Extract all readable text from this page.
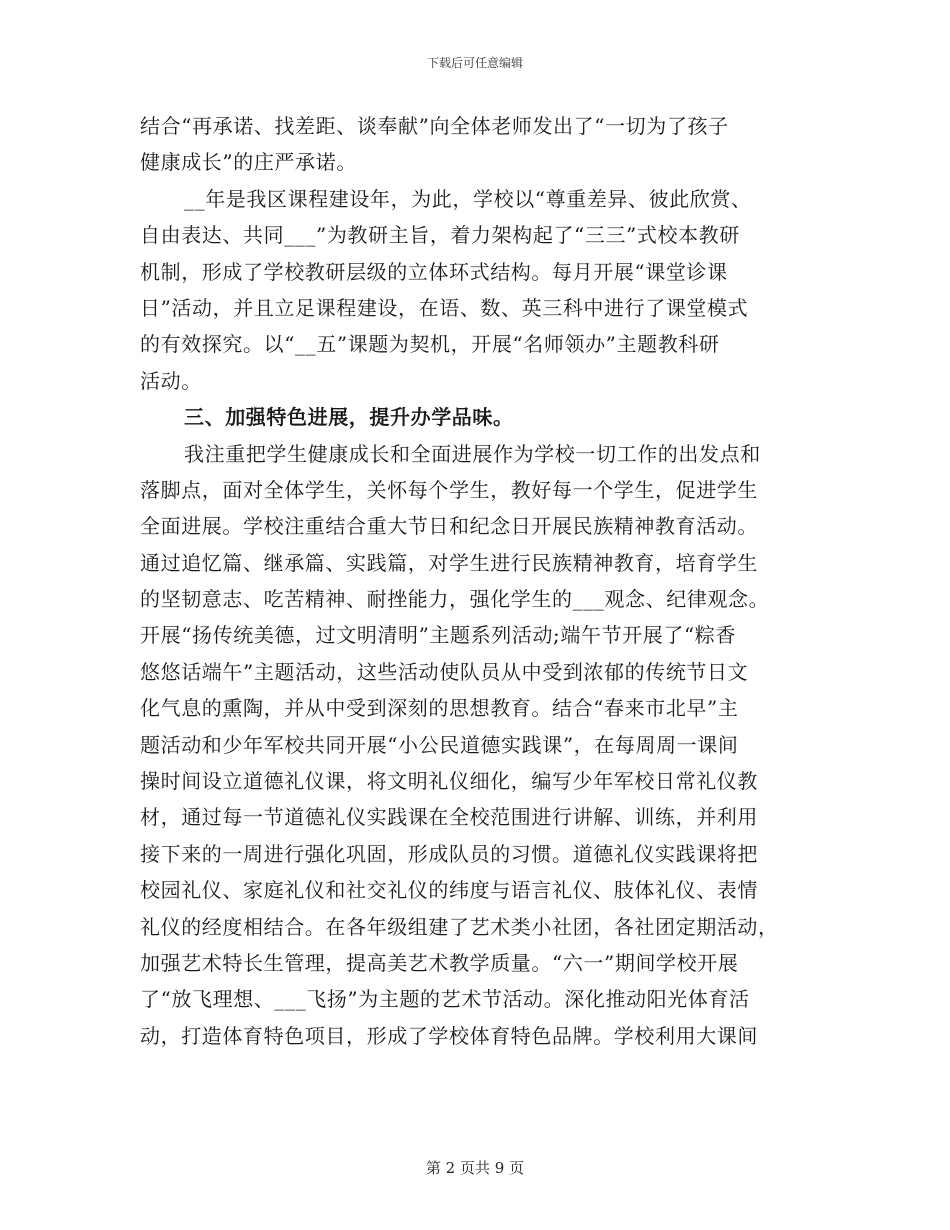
下载后可任意编辑
结合“再承诺、找差距、谈奉献”向全体老师发出了“一切为了孩子
健康成长”的庄严承诺。
__年是我区课程建设年，为此，学校以“尊重差异、彼此欣赏、
自由表达、共同___”为教研主旨，着力架构起了“三三”式校本教研
机制，形成了学校教研层级的立体环式结构。每月开展“课堂诊课
日”活动，并且立足课程建设，在语、数、英三科中进行了课堂模式
的有效探究。以“__五”课题为契机，开展“名师领办”主题教科研
活动。
三、加强特色进展，提升办学品味。
我注重把学生健康成长和全面进展作为学校一切工作的出发点和
落脚点，面对全体学生，关怀每个学生，教好每一个学生，促进学生
全面进展。学校注重结合重大节日和纪念日开展民族精神教育活动。
通过追忆篇、继承篇、实践篇，对学生进行民族精神教育，培育学生
的坚韧意志、吃苦精神、耐挫能力，强化学生的___观念、纪律观念。
开展“扬传统美德，过文明清明”主题系列活动;端午节开展了“粽香
悠悠话端午”主题活动，这些活动使队员从中受到浓郁的传统节日文
化气息的熏陶，并从中受到深刻的思想教育。结合“春来市北早”主
题活动和少年军校共同开展“小公民道德实践课”，在每周周一课间
操时间设立道德礼仪课，将文明礼仪细化，编写少年军校日常礼仪教
材，通过每一节道德礼仪实践课在全校范围进行讲解、训练，并利用
接下来的一周进行强化巩固，形成队员的习惯。道德礼仪实践课将把
校园礼仪、家庭礼仪和社交礼仪的纬度与语言礼仪、肢体礼仪、表情
礼仪的经度相结合。在各年级组建了艺术类小社团，各社团定期活动，
加强艺术特长生管理，提高美艺术教学质量。“六一”期间学校开展
了“放飞理想、___飞扬”为主题的艺术节活动。深化推动阳光体育活
动，打造体育特色项目，形成了学校体育特色品牌。学校利用大课间
第 2 页共 9 页
